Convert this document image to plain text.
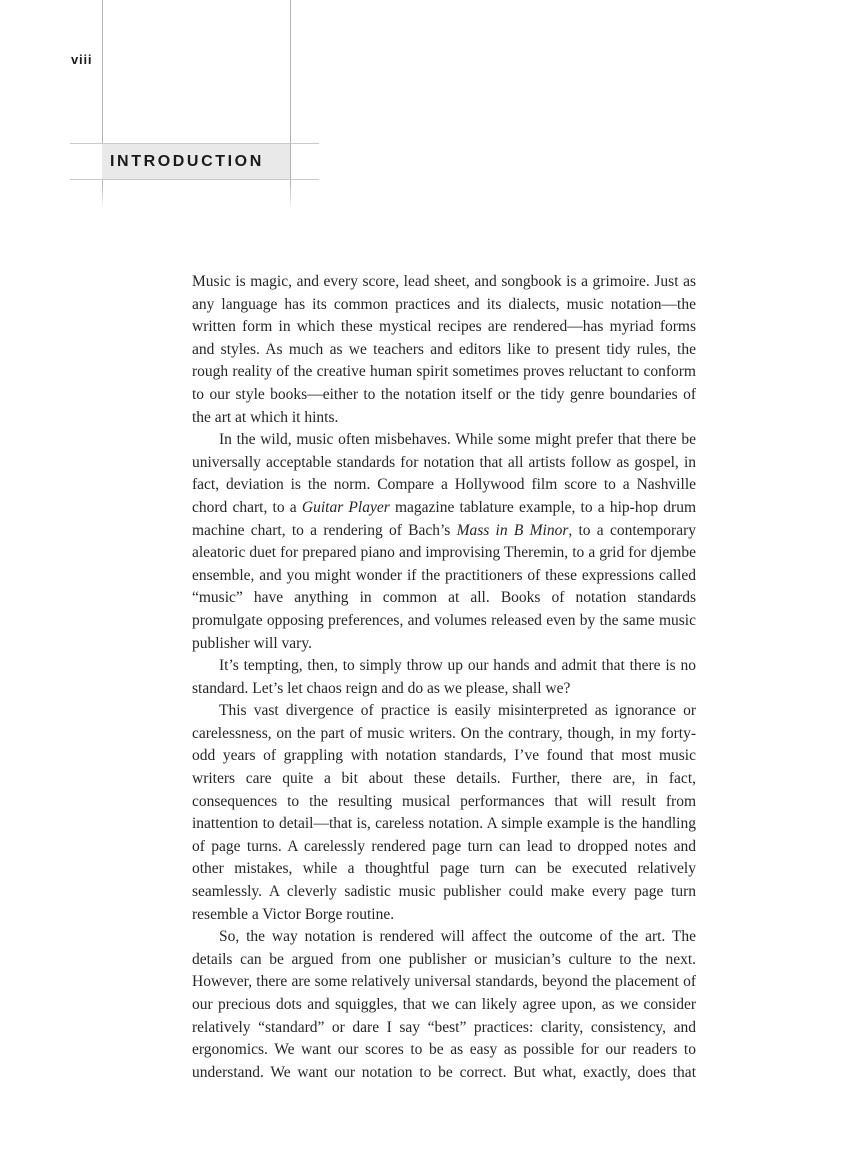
viii
INTRODUCTION

Music is magic, and every score, lead sheet, and songbook is a grimoire. Just as any language has its common practices and its dialects, music notation—the written form in which these mystical recipes are rendered—has myriad forms and styles. As much as we teachers and editors like to present tidy rules, the rough reality of the creative human spirit sometimes proves reluctant to conform to our style books—either to the notation itself or the tidy genre boundaries of the art at which it hints.

In the wild, music often misbehaves. While some might prefer that there be universally acceptable standards for notation that all artists follow as gospel, in fact, deviation is the norm. Compare a Hollywood film score to a Nashville chord chart, to a Guitar Player magazine tablature example, to a hip-hop drum machine chart, to a rendering of Bach’s Mass in B Minor, to a contemporary aleatoric duet for prepared piano and improvising Theremin, to a grid for djembe ensemble, and you might wonder if the practitioners of these expressions called “music” have anything in common at all. Books of notation standards promulgate opposing preferences, and volumes released even by the same music publisher will vary.

It’s tempting, then, to simply throw up our hands and admit that there is no standard. Let’s let chaos reign and do as we please, shall we?

This vast divergence of practice is easily misinterpreted as ignorance or carelessness, on the part of music writers. On the contrary, though, in my forty-odd years of grappling with notation standards, I’ve found that most music writers care quite a bit about these details. Further, there are, in fact, consequences to the resulting musical performances that will result from inattention to detail—that is, careless notation. A simple example is the handling of page turns. A carelessly rendered page turn can lead to dropped notes and other mistakes, while a thoughtful page turn can be executed relatively seamlessly. A cleverly sadistic music publisher could make every page turn resemble a Victor Borge routine.

So, the way notation is rendered will affect the outcome of the art. The details can be argued from one publisher or musician’s culture to the next. However, there are some relatively universal standards, beyond the placement of our precious dots and squiggles, that we can likely agree upon, as we consider relatively “standard” or dare I say “best” practices: clarity, consistency, and ergonomics. We want our scores to be as easy as possible for our readers to understand. We want our notation to be correct. But what, exactly, does that
